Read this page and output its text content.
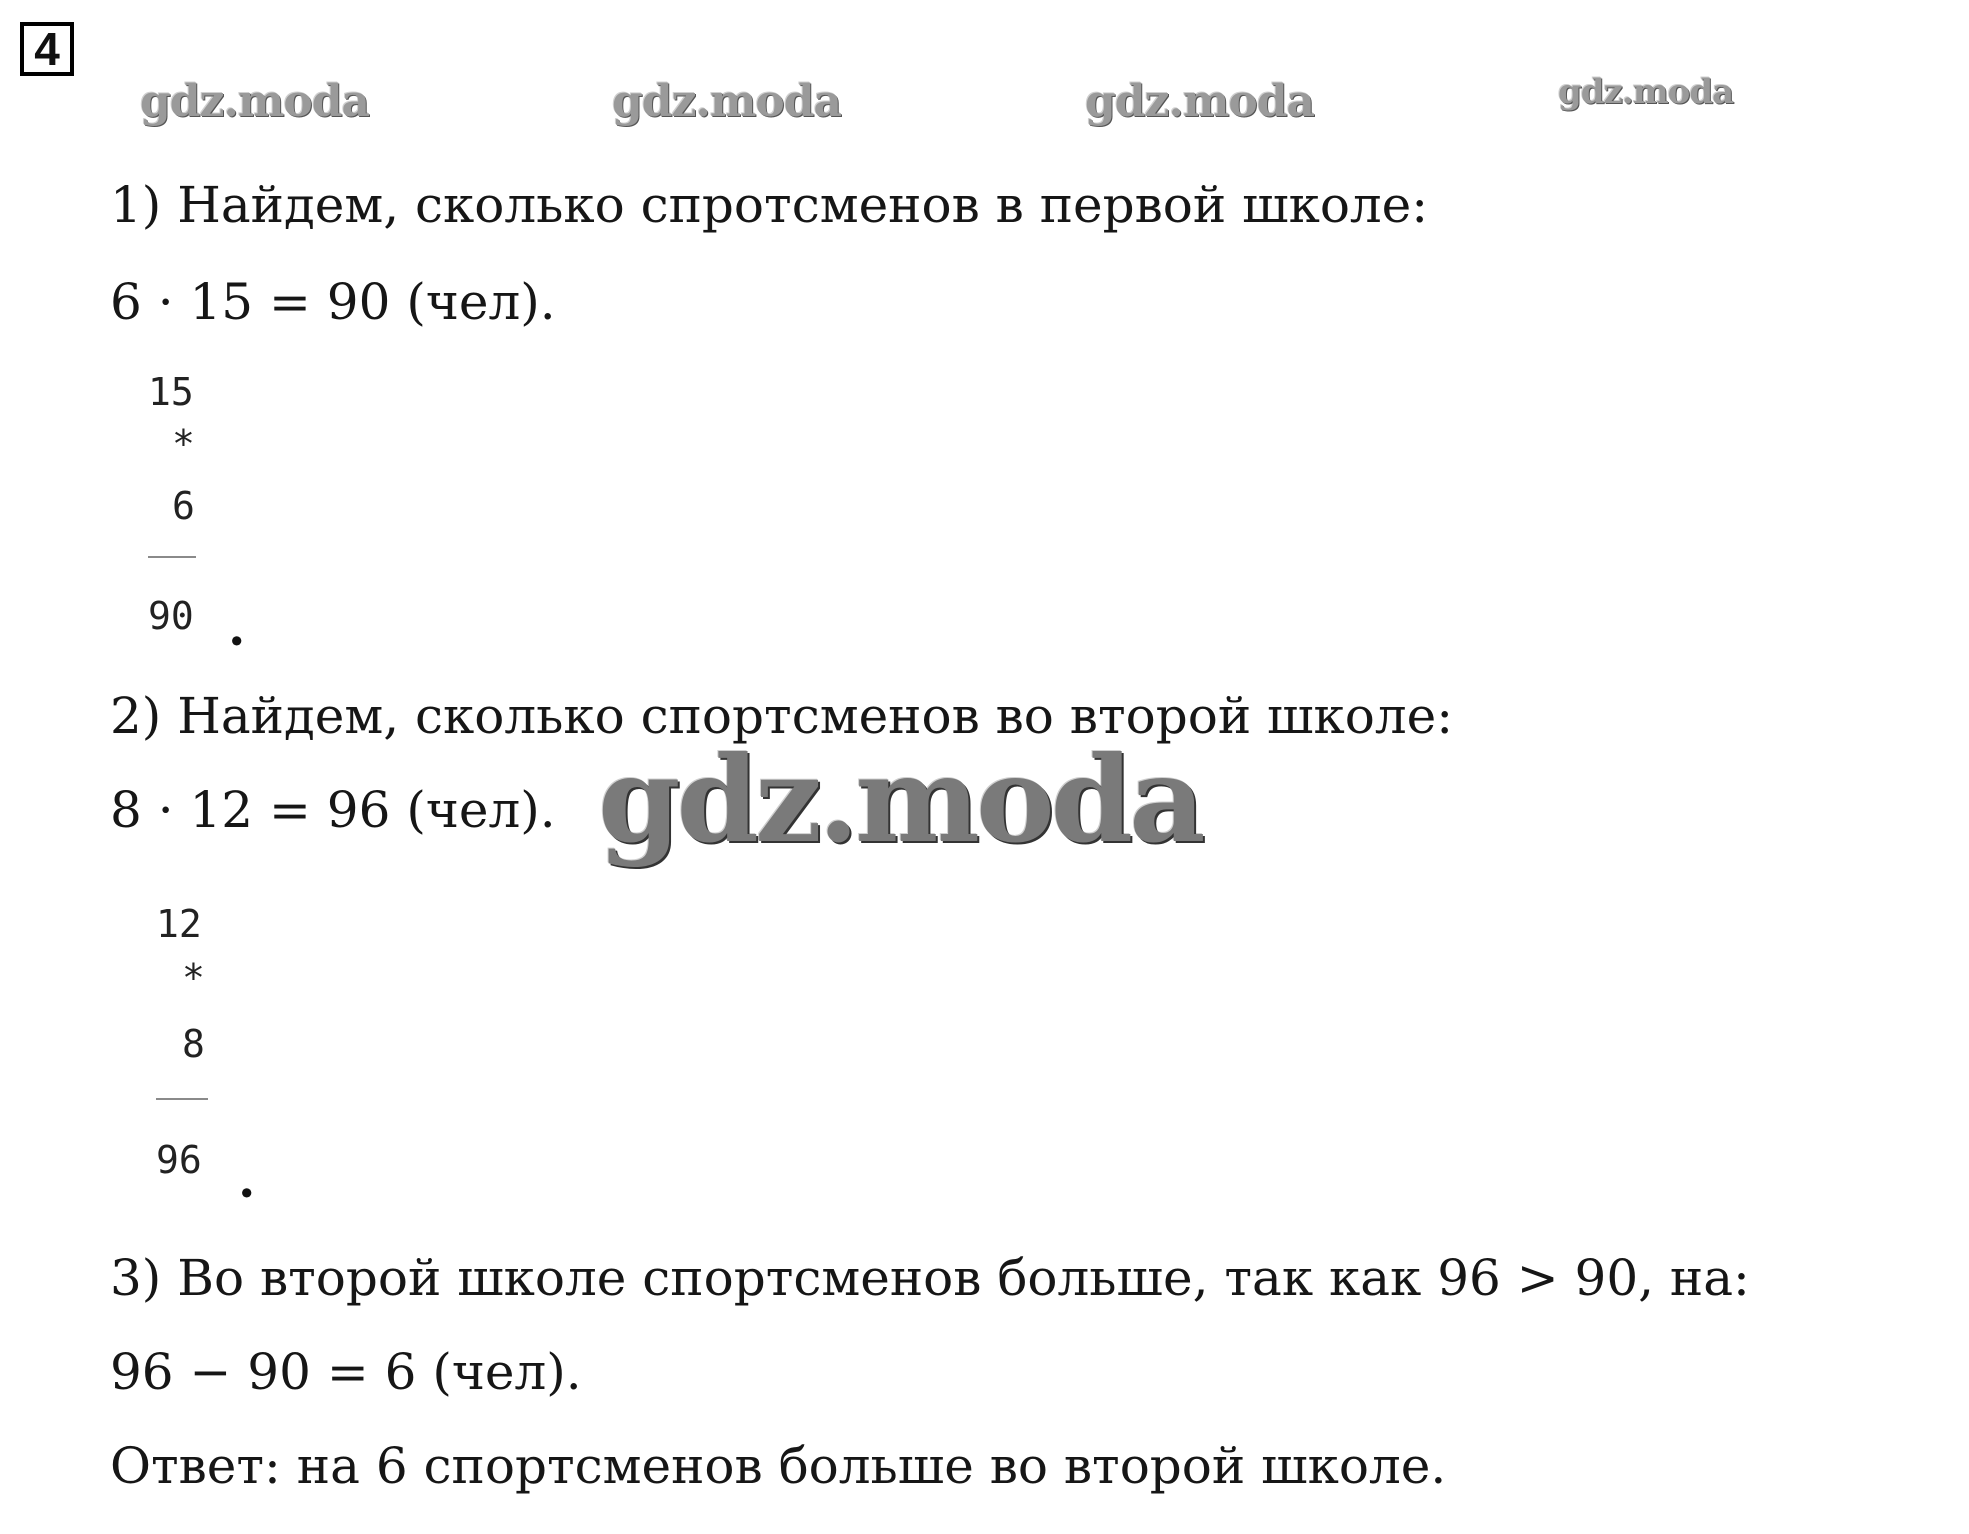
4
gdz.moda	gdz.moda	gdz.moda	gdz.moda
1) Найдем, сколько спротсменов в первой школе:
6 · 15 = 90 (чел).
15
*
6
90 .
2) Найдем, сколько спортсменов во второй школе:
8 · 12 = 96 (чел). gdz.moda
12
*
8
96 .
3) Во второй школе спортсменов больше, так как 96 > 90, на:
96 − 90 = 6 (чел).
Ответ: на 6 спортсменов больше во второй школе.
